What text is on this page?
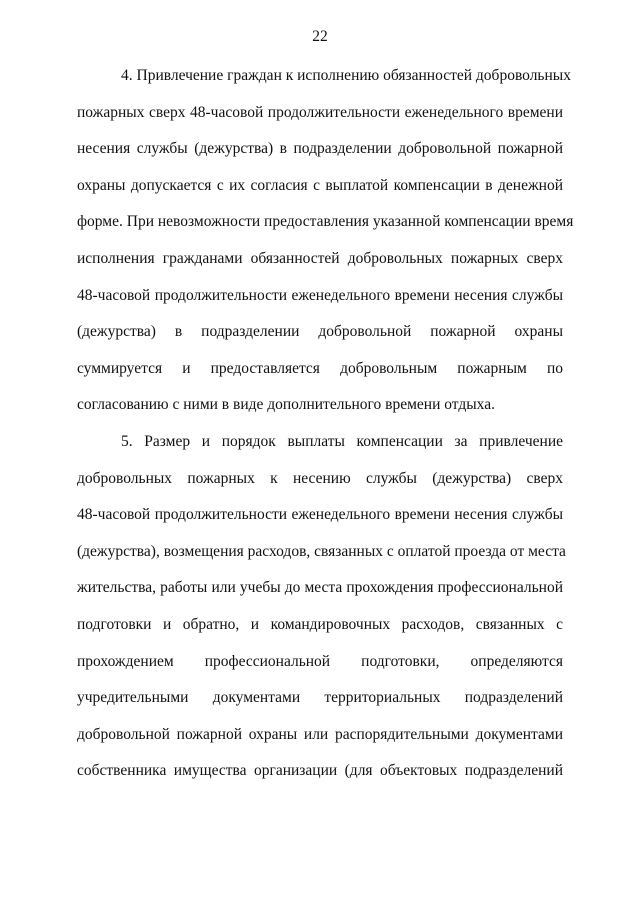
22

4. Привлечение граждан к исполнению обязанностей добровольных
пожарных сверх 48-часовой продолжительности еженедельного времени
несения службы (дежурства) в подразделении добровольной пожарной
охраны допускается с их согласия с выплатой компенсации в денежной
форме. При невозможности предоставления указанной компенсации время
исполнения гражданами обязанностей добровольных пожарных сверх
48-часовой продолжительности еженедельного времени несения службы
(дежурства) в подразделении добровольной пожарной охраны
суммируется и предоставляется добровольным пожарным по
согласованию с ними в виде дополнительного времени отдыха.

5. Размер и порядок выплаты компенсации за привлечение
добровольных пожарных к несению службы (дежурства) сверх
48-часовой продолжительности еженедельного времени несения службы
(дежурства), возмещения расходов, связанных с оплатой проезда от места
жительства, работы или учебы до места прохождения профессиональной
подготовки и обратно, и командировочных расходов, связанных с
прохождением профессиональной подготовки, определяются
учредительными документами территориальных подразделений
добровольной пожарной охраны или распорядительными документами
собственника имущества организации (для объектовых подразделений
